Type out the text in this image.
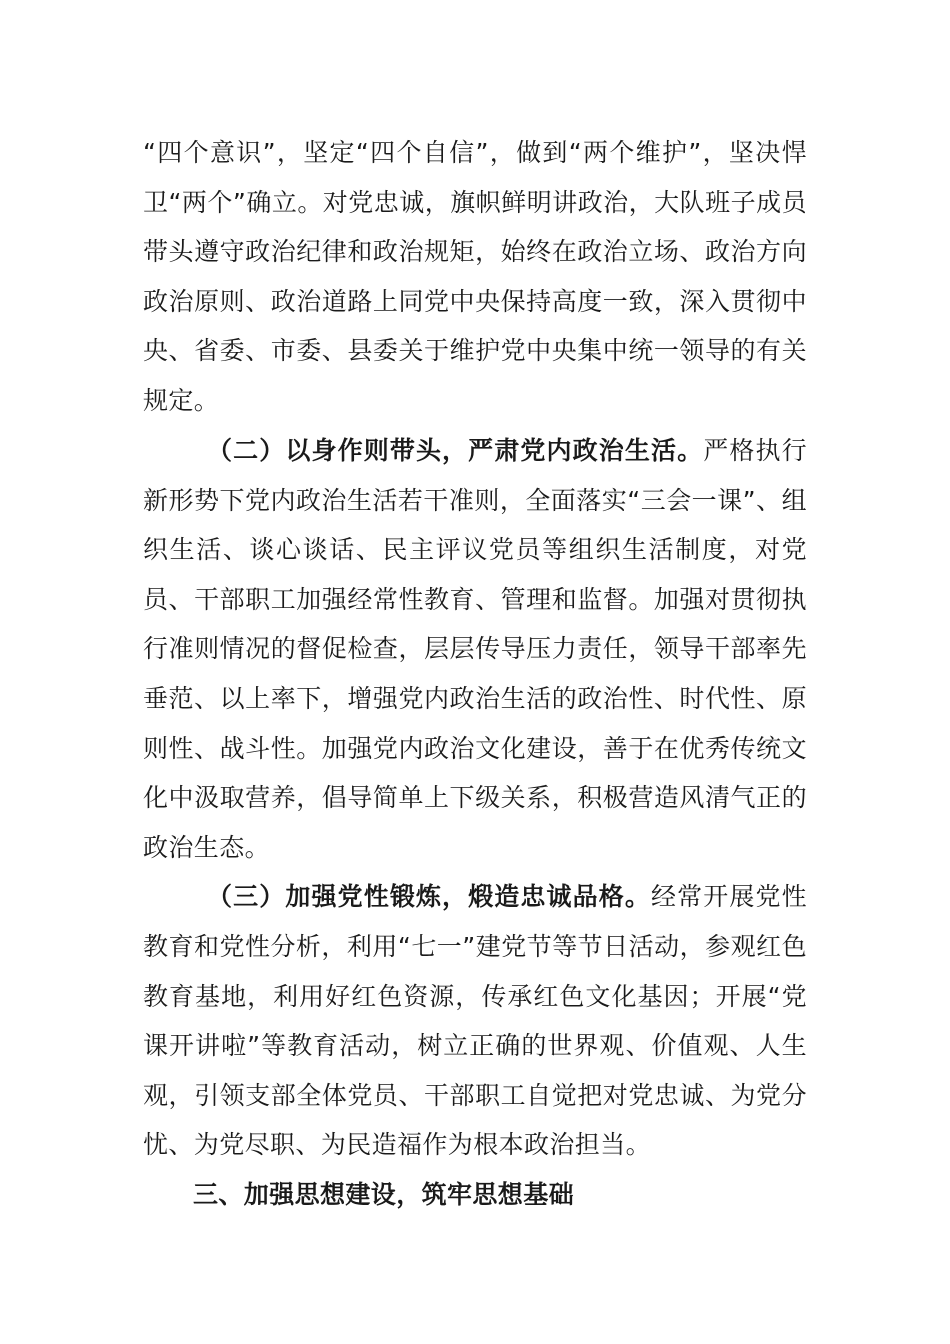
“四个意识”，坚定“四个自信”，做到“两个维护”，坚决悍卫“两个”确立。对党忠诚，旗帜鲜明讲政治，大队班子成员带头遵守政治纪律和政治规矩，始终在政治立场、政治方向政治原则、政治道路上同党中央保持高度一致，深入贯彻中央、省委、市委、县委关于维护党中央集中统一领导的有关规定。

（二）以身作则带头，严肃党内政治生活。严格执行新形势下党内政治生活若干准则，全面落实“三会一课”、组织生活、谈心谈话、民主评议党员等组织生活制度，对党员、干部职工加强经常性教育、管理和监督。加强对贯彻执行准则情况的督促检查，层层传导压力责任，领导干部率先垂范、以上率下，增强党内政治生活的政治性、时代性、原则性、战斗性。加强党内政治文化建设，善于在优秀传统文化中汲取营养，倡导简单上下级关系，积极营造风清气正的政治生态。

（三）加强党性锻炼，煅造忠诚品格。经常开展党性教育和党性分析，利用“七一”建党节等节日活动，参观红色教育基地，利用好红色资源，传承红色文化基因；开展“党课开讲啦”等教育活动，树立正确的世界观、价值观、人生观，引领支部全体党员、干部职工自觉把对党忠诚、为党分忧、为党尽职、为民造福作为根本政治担当。

三、加强思想建设，筑牢思想基础
